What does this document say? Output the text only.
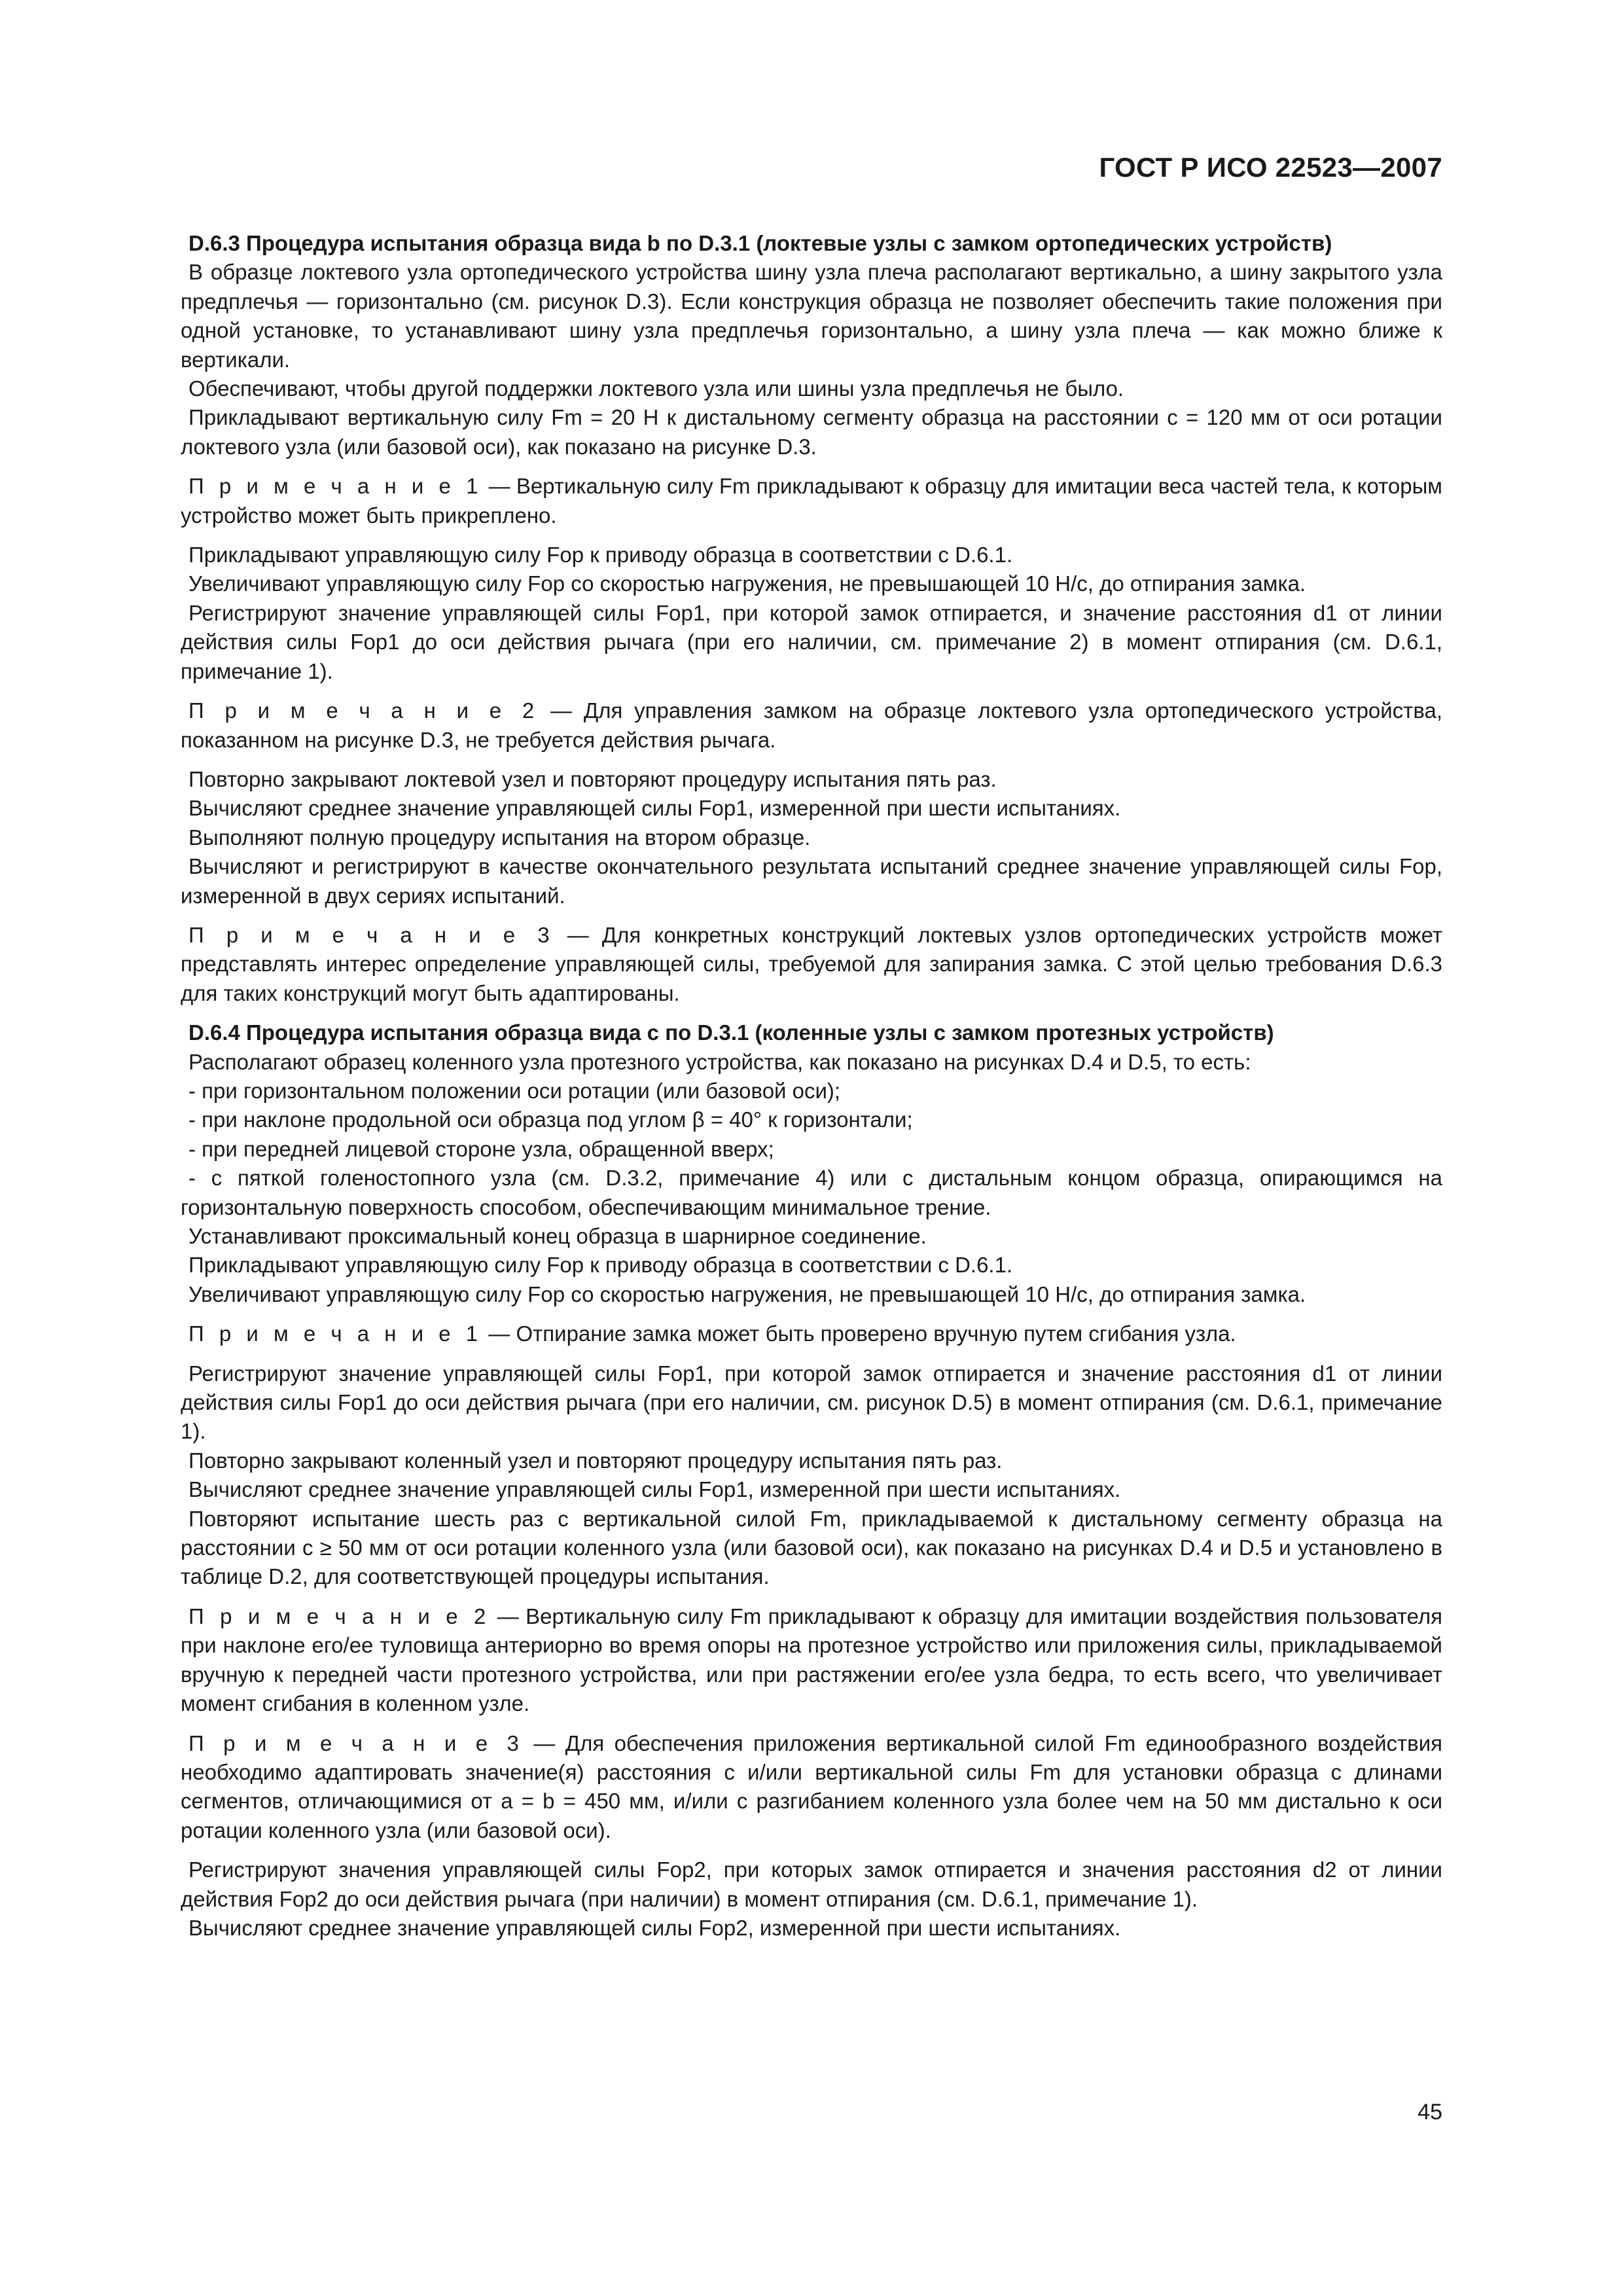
ГОСТ Р ИСО 22523—2007

D.6.3 Процедура испытания образца вида b по D.3.1 (локтевые узлы с замком ортопедических устройств)

В образце локтевого узла ортопедического устройства шину узла плеча располагают вертикально, а шину закрытого узла предплечья — горизонтально (см. рисунок D.3). Если конструкция образца не позволяет обеспечить такие положения при одной установке, то устанавливают шину узла предплечья горизонтально, а шину узла плеча — как можно ближе к вертикали.

Обеспечивают, чтобы другой поддержки локтевого узла или шины узла предплечья не было.

Прикладывают вертикальную силу Fm = 20 Н к дистальному сегменту образца на расстоянии c = 120 мм от оси ротации локтевого узла (или базовой оси), как показано на рисунке D.3.

П р и м е ч а н и е 1 — Вертикальную силу Fm прикладывают к образцу для имитации веса частей тела, к которым устройство может быть прикреплено.

Прикладывают управляющую силу Fop к приводу образца в соответствии с D.6.1.

Увеличивают управляющую силу Fop со скоростью нагружения, не превышающей 10 Н/с, до отпирания замка.

Регистрируют значение управляющей силы Fop1, при которой замок отпирается, и значение расстояния d1 от линии действия силы Fop1 до оси действия рычага (при его наличии, см. примечание 2) в момент отпирания (см. D.6.1, примечание 1).

П р и м е ч а н и е 2 — Для управления замком на образце локтевого узла ортопедического устройства, показанном на рисунке D.3, не требуется действия рычага.

Повторно закрывают локтевой узел и повторяют процедуру испытания пять раз.

Вычисляют среднее значение управляющей силы Fop1, измеренной при шести испытаниях.

Выполняют полную процедуру испытания на втором образце.

Вычисляют и регистрируют в качестве окончательного результата испытаний среднее значение управляющей силы Fop, измеренной в двух сериях испытаний.

П р и м е ч а н и е 3 — Для конкретных конструкций локтевых узлов ортопедических устройств может представлять интерес определение управляющей силы, требуемой для запирания замка. С этой целью требования D.6.3 для таких конструкций могут быть адаптированы.

D.6.4 Процедура испытания образца вида c по D.3.1 (коленные узлы с замком протезных устройств)

Располагают образец коленного узла протезного устройства, как показано на рисунках D.4 и D.5, то есть:

- при горизонтальном положении оси ротации (или базовой оси);

- при наклоне продольной оси образца под углом β = 40° к горизонтали;

- при передней лицевой стороне узла, обращенной вверх;

- с пяткой голеностопного узла (см. D.3.2, примечание 4) или с дистальным концом образца, опирающимся на горизонтальную поверхность способом, обеспечивающим минимальное трение.

Устанавливают проксимальный конец образца в шарнирное соединение.

Прикладывают управляющую силу Fop к приводу образца в соответствии с D.6.1.

Увеличивают управляющую силу Fop со скоростью нагружения, не превышающей 10 Н/с, до отпирания замка.

П р и м е ч а н и е 1 — Отпирание замка может быть проверено вручную путем сгибания узла.

Регистрируют значение управляющей силы Fop1, при которой замок отпирается и значение расстояния d1 от линии действия силы Fop1 до оси действия рычага (при его наличии, см. рисунок D.5) в момент отпирания (см. D.6.1, примечание 1).

Повторно закрывают коленный узел и повторяют процедуру испытания пять раз.

Вычисляют среднее значение управляющей силы Fop1, измеренной при шести испытаниях.

Повторяют испытание шесть раз с вертикальной силой Fm, прикладываемой к дистальному сегменту образца на расстоянии c ≥ 50 мм от оси ротации коленного узла (или базовой оси), как показано на рисунках D.4 и D.5 и установлено в таблице D.2, для соответствующей процедуры испытания.

П р и м е ч а н и е 2 — Вертикальную силу Fm прикладывают к образцу для имитации воздействия пользователя при наклоне его/ее туловища антериорно во время опоры на протезное устройство или приложения силы, прикладываемой вручную к передней части протезного устройства, или при растяжении его/ее узла бедра, то есть всего, что увеличивает момент сгибания в коленном узле.

П р и м е ч а н и е 3 — Для обеспечения приложения вертикальной силой Fm единообразного воздействия необходимо адаптировать значение(я) расстояния c и/или вертикальной силы Fm для установки образца с длинами сегментов, отличающимися от a = b = 450 мм, и/или с разгибанием коленного узла более чем на 50 мм дистально к оси ротации коленного узла (или базовой оси).

Регистрируют значения управляющей силы Fop2, при которых замок отпирается и значения расстояния d2 от линии действия Fop2 до оси действия рычага (при наличии) в момент отпирания (см. D.6.1, примечание 1).

Вычисляют среднее значение управляющей силы Fop2, измеренной при шести испытаниях.

45
